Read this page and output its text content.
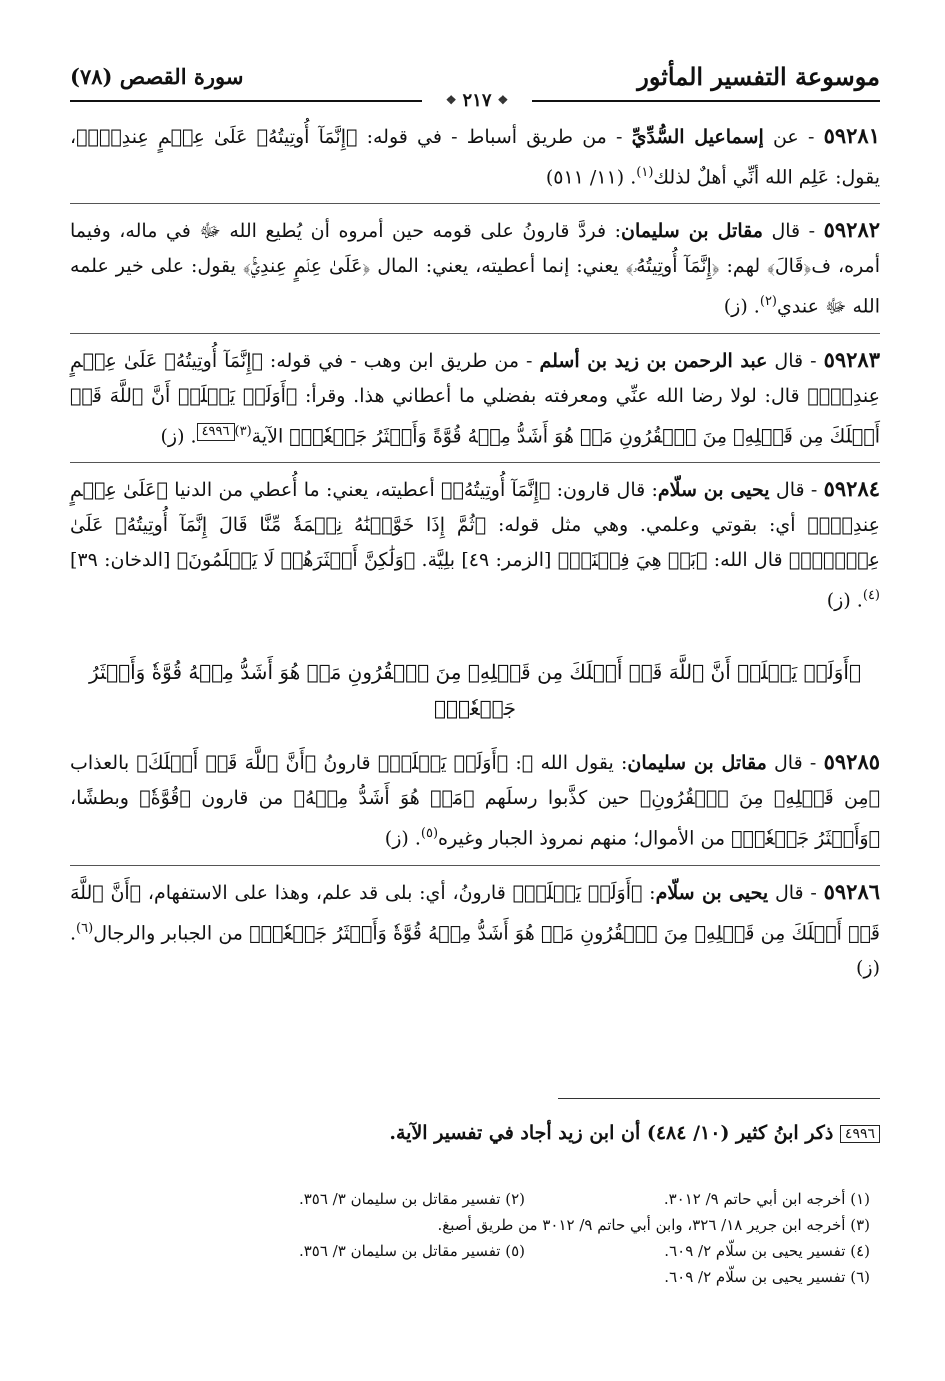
موسوعة التفسير المأثور
سورة القصص (٧٨)
❖ ٢١٧ ❖

٥٩٢٨١ - عن إسماعيل السُّدِّيِّ - من طريق أسباط - في قوله: ﴿إِنَّمَآ أُوتِيتُهُۥ عَلَىٰ عِلۡمٍ عِندِيٓۚ﴾، يقول: عَلِم الله أنِّي أهلٌ لذلك$^{(١)}$. (١١/ ٥١١)

٥٩٢٨٢ - قال مقاتل بن سليمان: فردَّ قارونُ على قومه حين أمروه أن يُطيع الله ﷻ في ماله، وفيما أمره، ف﴿قَالَ﴾ لهم: ﴿إِنَّمَآ أُوتِيتُهُۥ﴾ يعني: إنما أعطيته، يعني: المال ﴿عَلَىٰ عِلۡمٍ عِندِيٓۚ﴾ يقول: على خير علمه الله ﷻ عندي$^{(٢)}$. (ز)

٥٩٢٨٣ - قال عبد الرحمن بن زيد بن أسلم - من طريق ابن وهب - في قوله: ﴿إِنَّمَآ أُوتِيتُهُۥ عَلَىٰ عِلۡمٍ عِندِيٓۚ﴾ قال: لولا رضا الله عنِّي ومعرفته بفضلي ما أعطاني هذا. وقرأ: ﴿أَوَلَمۡ يَعۡلَمۡ أَنَّ ٱللَّهَ قَدۡ أَهۡلَكَ مِن قَبۡلِهِۦ مِنَ ٱلۡقُرُونِ مَنۡ هُوَ أَشَدُّ مِنۡهُ قُوَّةً وَأَكۡثَرُ جَمۡعٗاۚ﴾ الآية$^{(٣)}$٤٩٩٦. (ز)

٥٩٢٨٤ - قال يحيى بن سلّام: قال قارون: ﴿إِنَّمَآ أُوتِيتُهُۥ﴾ أعطيته، يعني: ما أُعطي من الدنيا ﴿عَلَىٰ عِلۡمٍ عِندِيٓۚ﴾ أي: بقوتي وعلمي. وهي مثل قوله: ﴿ثُمَّ إِذَا خَوَّلۡنَٰهُ نِعۡمَةٗ مِّنَّا قَالَ إِنَّمَآ أُوتِيتُهُۥ عَلَىٰ عِلۡمِۭۚ﴾ قال الله: ﴿بَلۡ هِيَ فِتۡنَةٞ﴾ [الزمر: ٤٩] بلِيَّة. ﴿وَلَٰكِنَّ أَكۡثَرَهُمۡ لَا يَعۡلَمُونَ﴾ [الدخان: ٣٩]$^{(٤)}$. (ز)

﴿أَوَلَمۡ يَعۡلَمۡ أَنَّ ٱللَّهَ قَدۡ أَهۡلَكَ مِن قَبۡلِهِۦ مِنَ ٱلۡقُرُونِ مَنۡ هُوَ أَشَدُّ مِنۡهُ قُوَّةٗ وَأَكۡثَرُ جَمۡعٗاۚ﴾

٥٩٢٨٥ - قال مقاتل بن سليمان: يقول الله ﷻ: ﴿أَوَلَمۡ يَعۡلَمۡ﴾ قارونُ ﴿أَنَّ ٱللَّهَ قَدۡ أَهۡلَكَ﴾ بالعذاب ﴿مِن قَبۡلِهِۦ مِنَ ٱلۡقُرُونِ﴾ حين كذَّبوا رسلَهم ﴿مَنۡ هُوَ أَشَدُّ مِنۡهُ﴾ من قارون ﴿قُوَّةٗ﴾ وبطشًا، ﴿وَأَكۡثَرُ جَمۡعٗاۚ﴾ من الأموال؛ منهم نمروذ الجبار وغيره$^{(٥)}$. (ز)

٥٩٢٨٦ - قال يحيى بن سلّام: ﴿أَوَلَمۡ يَعۡلَمۡ﴾ قارونُ، أي: بلى قد علم، وهذا على الاستفهام، ﴿أَنَّ ٱللَّهَ قَدۡ أَهۡلَكَ مِن قَبۡلِهِۦ مِنَ ٱلۡقُرُونِ مَنۡ هُوَ أَشَدُّ مِنۡهُ قُوَّةٗ وَأَكۡثَرُ جَمۡعٗاۚ﴾ من الجبابر والرجال$^{(٦)}$. (ز)

٤٩٩٦ ذكر ابنُ كثير (١٠/ ٤٨٤) أن ابن زيد أجاد في تفسير الآية.
(١) أخرجه ابن أبي حاتم ٩/ ٣٠١٢.
(٢) تفسير مقاتل بن سليمان ٣/ ٣٥٦.
(٣) أخرجه ابن جرير ١٨/ ٣٢٦، وابن أبي حاتم ٩/ ٣٠١٢ من طريق أصبغ.
(٤) تفسير يحيى بن سلّام ٢/ ٦٠٩.
(٥) تفسير مقاتل بن سليمان ٣/ ٣٥٦.
(٦) تفسير يحيى بن سلّام ٢/ ٦٠٩.
